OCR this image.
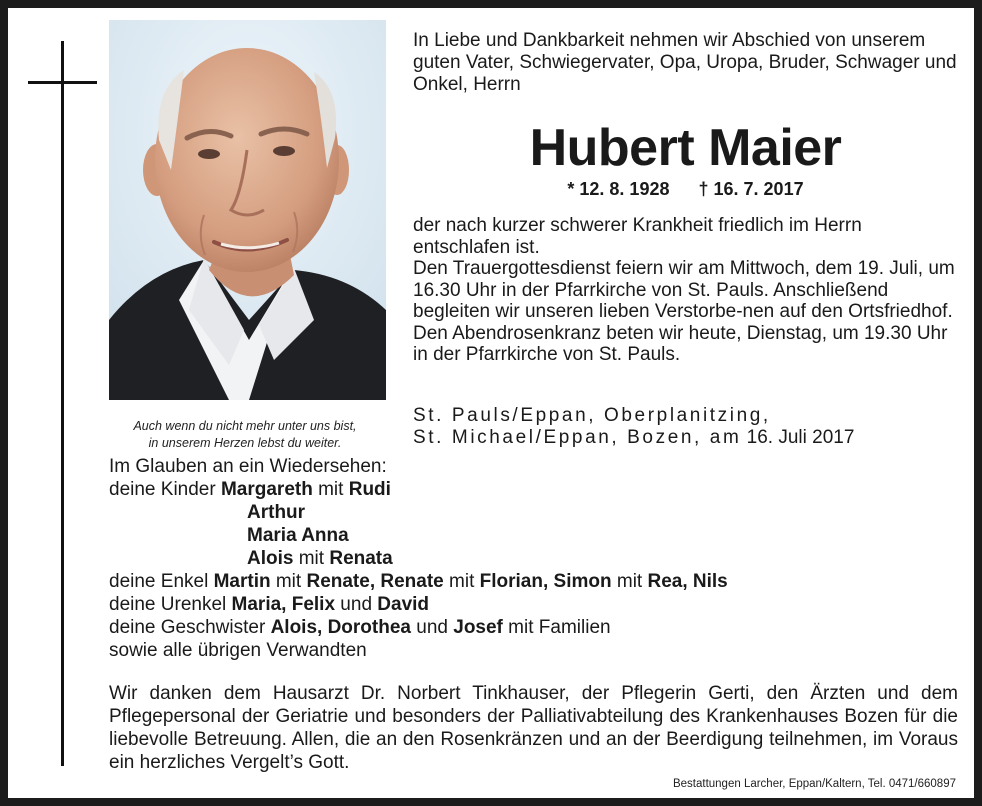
Auch wenn du nicht mehr unter uns bist,
in unserem Herzen lebst du weiter.
In Liebe und Dankbarkeit nehmen wir Abschied von unserem guten Vater, Schwiegervater, Opa, Uropa, Bruder, Schwager und Onkel, Herrn
Hubert Maier
* 12. 8. 1928 † 16. 7. 2017
der nach kurzer schwerer Krankheit friedlich im Herrn entschlafen ist.
Den Trauergottesdienst feiern wir am Mittwoch, dem 19. Juli, um 16.30 Uhr in der Pfarrkirche von St. Pauls. Anschließend begleiten wir unseren lieben Verstorbe-nen auf den Ortsfriedhof.
Den Abendrosenkranz beten wir heute, Dienstag, um 19.30 Uhr in der Pfarrkirche von St. Pauls.
St. Pauls/Eppan, Oberplanitzing,
St. Michael/Eppan, Bozen, am 16. Juli 2017
Im Glauben an ein Wiedersehen:
deine Kinder Margareth mit Rudi
Arthur
Maria Anna
Alois mit Renata
deine Enkel Martin mit Renate, Renate mit Florian, Simon mit Rea, Nils
deine Urenkel Maria, Felix und David
deine Geschwister Alois, Dorothea und Josef mit Familien
sowie alle übrigen Verwandten
Wir danken dem Hausarzt Dr. Norbert Tinkhauser, der Pflegerin Gerti, den Ärzten und dem Pflegepersonal der Geriatrie und besonders der Palliativabteilung des Krankenhauses Bozen für die liebevolle Betreuung. Allen, die an den Rosenkränzen und an der Beerdigung teilnehmen, im Voraus ein herzliches Vergelt’s Gott.
Bestattungen Larcher, Eppan/Kaltern, Tel. 0471/660897
